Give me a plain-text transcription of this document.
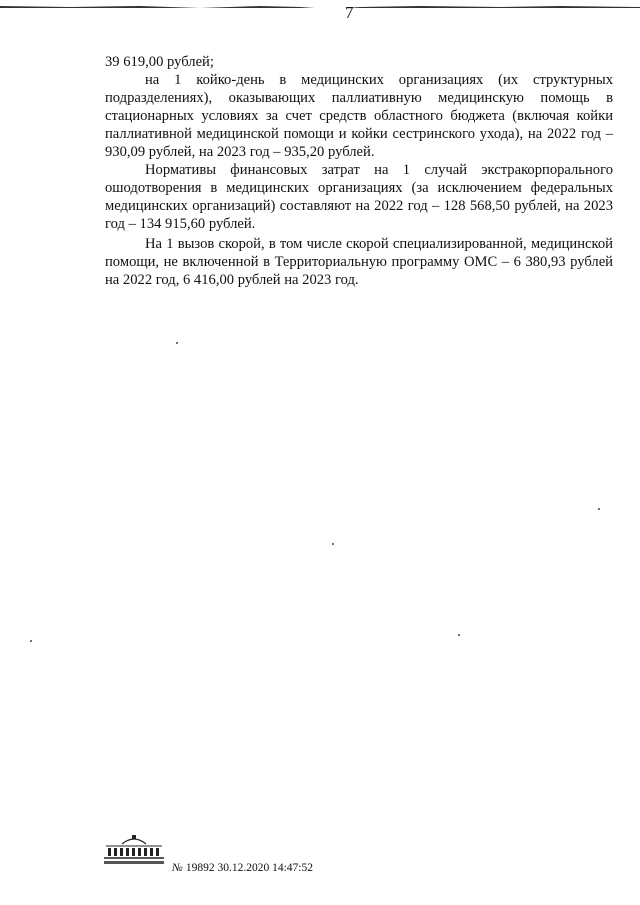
7

39 619,00 рублей;

на 1 койко-день в медицинских организациях (их структурных подразделениях), оказывающих паллиативную медицинскую помощь в стационарных условиях за счет средств областного бюджета (включая койки паллиативной медицинской помощи и койки сестринского ухода), на 2022 год – 930,09 рублей, на 2023 год – 935,20 рублей.

Нормативы финансовых затрат на 1 случай экстракорпорального ошодотворения в медицинских организациях (за исключением федеральных медицинских организаций) составляют на 2022 год – 128 568,50 рублей, на 2023 год – 134 915,60 рублей.

На 1 вызов скорой, в том числе скорой специализированной, медицинской помощи, не включенной в Территориальную программу ОМС – 6 380,93 рублей на 2022 год, 6 416,00 рублей на 2023 год.

№ 19892 30.12.2020 14:47:52
